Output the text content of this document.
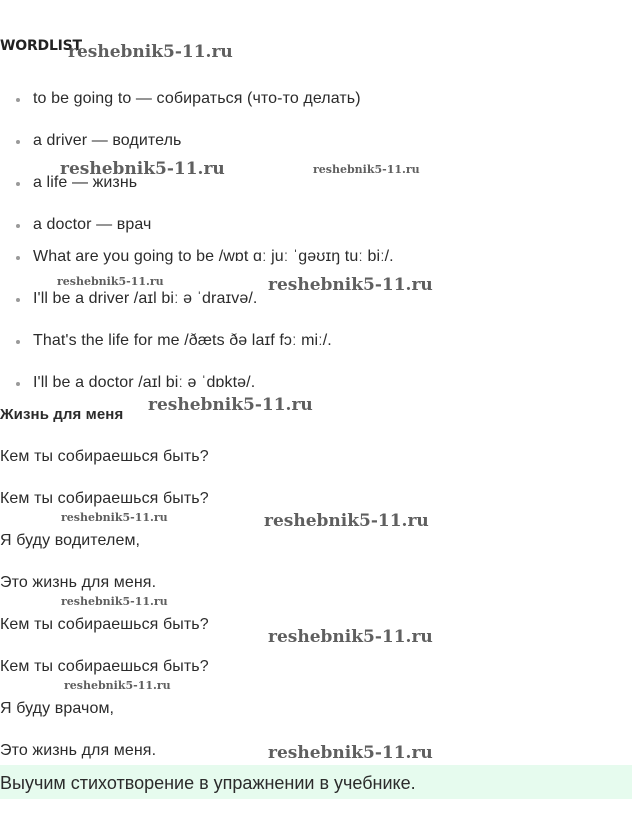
WORDLIST
to be going to — собираться (что-то делать)
a driver — водитель
a life — жизнь
a doctor — врач
What are you going to be /wɒt ɑː juː ˈɡəʊɪŋ tuː biː/.
I'll be a driver /aɪl biː ə ˈdraɪvə/.
That's the life for me /ðæts ðə laɪf fɔː miː/.
I'll be a doctor /aɪl biː ə ˈdɒktə/.
Жизнь для меня
Кем ты собираешься быть?
Кем ты собираешься быть?
Я буду водителем,
Это жизнь для меня.
Кем ты собираешься быть?
Кем ты собираешься быть?
Я буду врачом,
Это жизнь для меня.
Выучим стихотворение в упражнении в учебнике.
reshebnik5-11.ru
reshebnik5-11.ru	reshebnik5-11.ru
reshebnik5-11.ru	reshebnik5-11.ru
reshebnik5-11.ru
reshebnik5-11.ru	reshebnik5-11.ru
reshebnik5-11.ru
reshebnik5-11.ru
reshebnik5-11.ru
reshebnik5-11.ru
